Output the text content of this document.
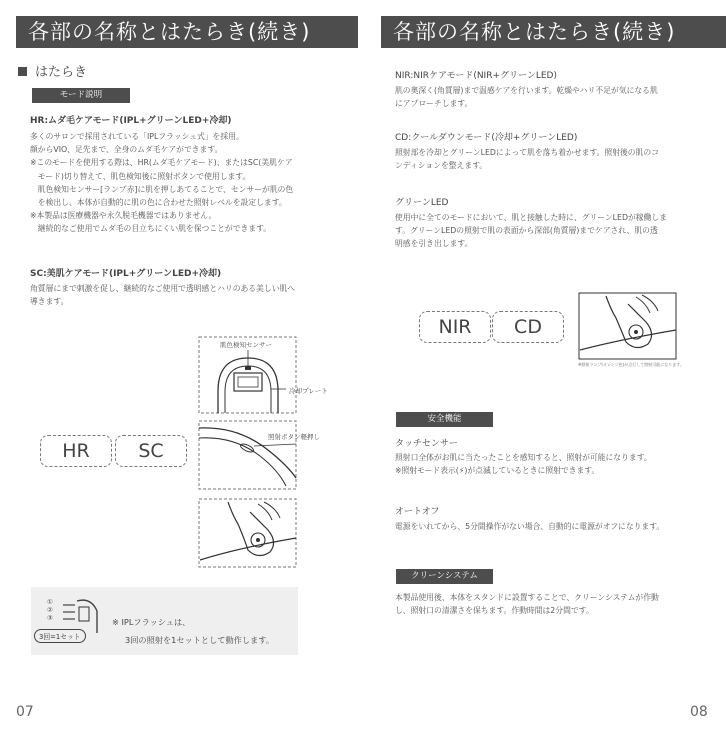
各部の名称とはたらき(続き)
はたらき
モード説明
HR:ムダ毛ケアモード(IPL+グリーンLED+冷却)
多くのサロンで採用されている「IPLフラッシュ式」を採用。
顔からVIO、足先まで、全身のムダ毛ケアができます。
※このモードを使用する際は、HR(ムダ毛ケアモード)、またはSC(美肌ケア
　モード)切り替えて、肌色検知後に照射ボタンで使用します。
　肌色検知センサー[ランプ赤]に肌を押しあてることで、センサーが肌の色
　を検出し、本体が自動的に肌の色に合わせた照射レベルを設定します。
※本製品は医療機器や永久脱毛機器ではありません。
　継続的なご使用でムダ毛の目立ちにくい肌を保つことができます。
SC:美肌ケアモード(IPL+グリーンLED+冷却)
角質層にまで刺激を促し、継続的なご使用で透明感とハリのある美しい肌へ
導きます。
肌色検知センサー
冷却プレート
HR	SC
照射ボタン軽押し
①
②
③
3回=1セット
※ IPLフラッシュは、
3回の照射を1セットとして動作します。
07
各部の名称とはたらき(続き)
NIR:NIRケアモード(NIR+グリーンLED)
肌の奥深く(角質層)まで温感ケアを行います。乾燥やハリ不足が気になる肌
にアプローチします。
CD:クールダウンモード(冷却+グリーンLED)
照射部を冷却とグリーンLEDによって肌を落ち着かせます。照射後の肌のコ
ンディションを整えます。
グリーンLED
使用中に全てのモードにおいて、肌と接触した時に、グリーンLEDが稼働しま
す。グリーンLEDの照射で肌の表面から深部(角質層)までケアされ、肌の透
明感を引き出します。
NIR	CD
※照射ランプ(オレンジ色)が点灯して照射可能になります。
安全機能
タッチセンサー
照射口全体がお肌に当たったことを感知すると、照射が可能になります。
※照射モード表示(⚡)が点滅しているときに照射できます。
オートオフ
電源をいれてから、5分間操作がない場合、自動的に電源がオフになります。
クリーンシステム
本製品使用後、本体をスタンドに設置することで、クリーンシステムが作動
し、照射口の清潔さを保ちます。作動時間は2分間です。
08
